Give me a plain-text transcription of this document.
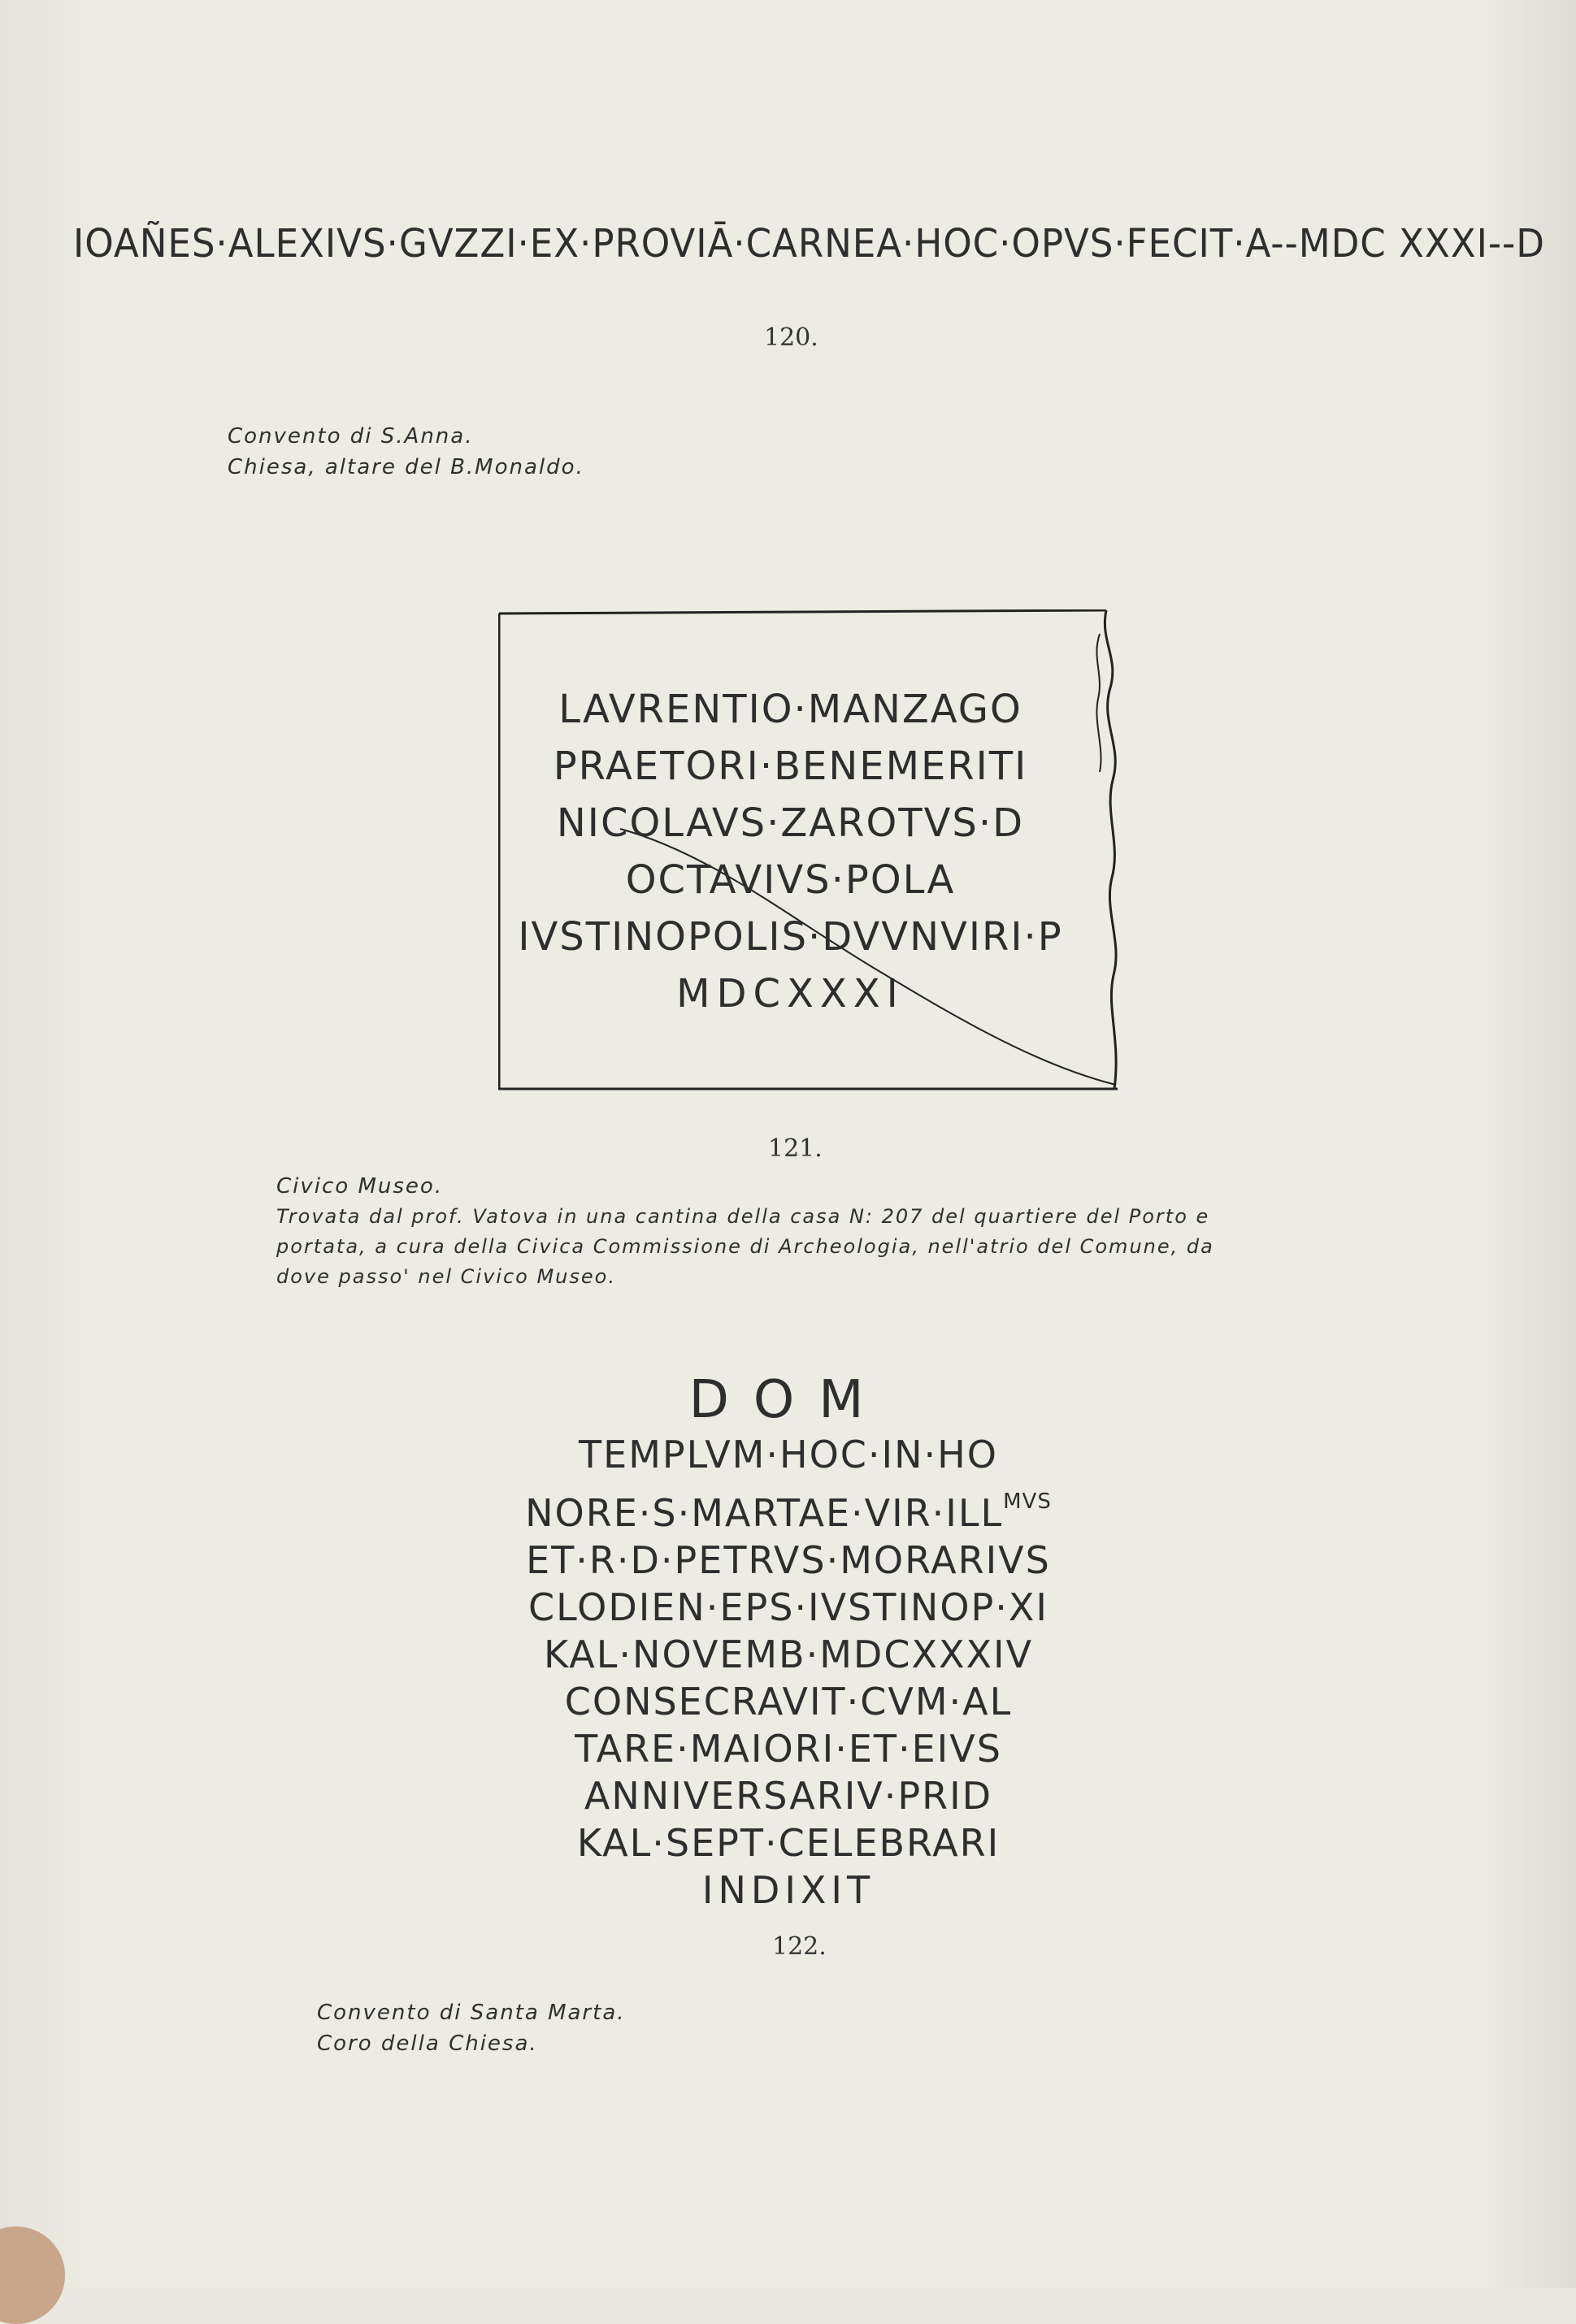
IOAÑES·ALEXIVS·GVZZI·EX·PROVIĀ·CARNEA·HOC·OPVS·FECIT·A--MDC XXXI--D
120.
Convento di S.Anna.
Chiesa, altare del B.Monaldo.
LAVRENTIO·MANZAGO
PRAETORI·BENEMERITI
NICOLAVS·ZAROTVS·D
OCTAVIVS·POLA
IVSTINOPOLIS·DVVNVIRI·P
MDCXXXI
121.
Civico Museo.
Trovata dal prof. Vatova in una cantina della casa N: 207 del quartiere del Porto e
portata, a cura della Civica Commissione di Archeologia, nell'atrio del Comune, da
dove passo' nel Civico Museo.
DOM
TEMPLVM·HOC·IN·HO
$NORE\cdot S\cdot MARTAE\cdot VIR\cdot ILL^{MVS}$
ET·R·D·PETRVS·MORARIVS
CLODIEN·EPS·IVSTINOP·XI
KAL·NOVEMB·MDCXXXIV
CONSECRAVIT·CVM·AL
TARE·MAIORI·ET·EIVS
ANNIVERSARIV·PRID
KAL·SEPT·CELEBRARI
INDIXIT
122.
Convento di Santa Marta.
Coro della Chiesa.
